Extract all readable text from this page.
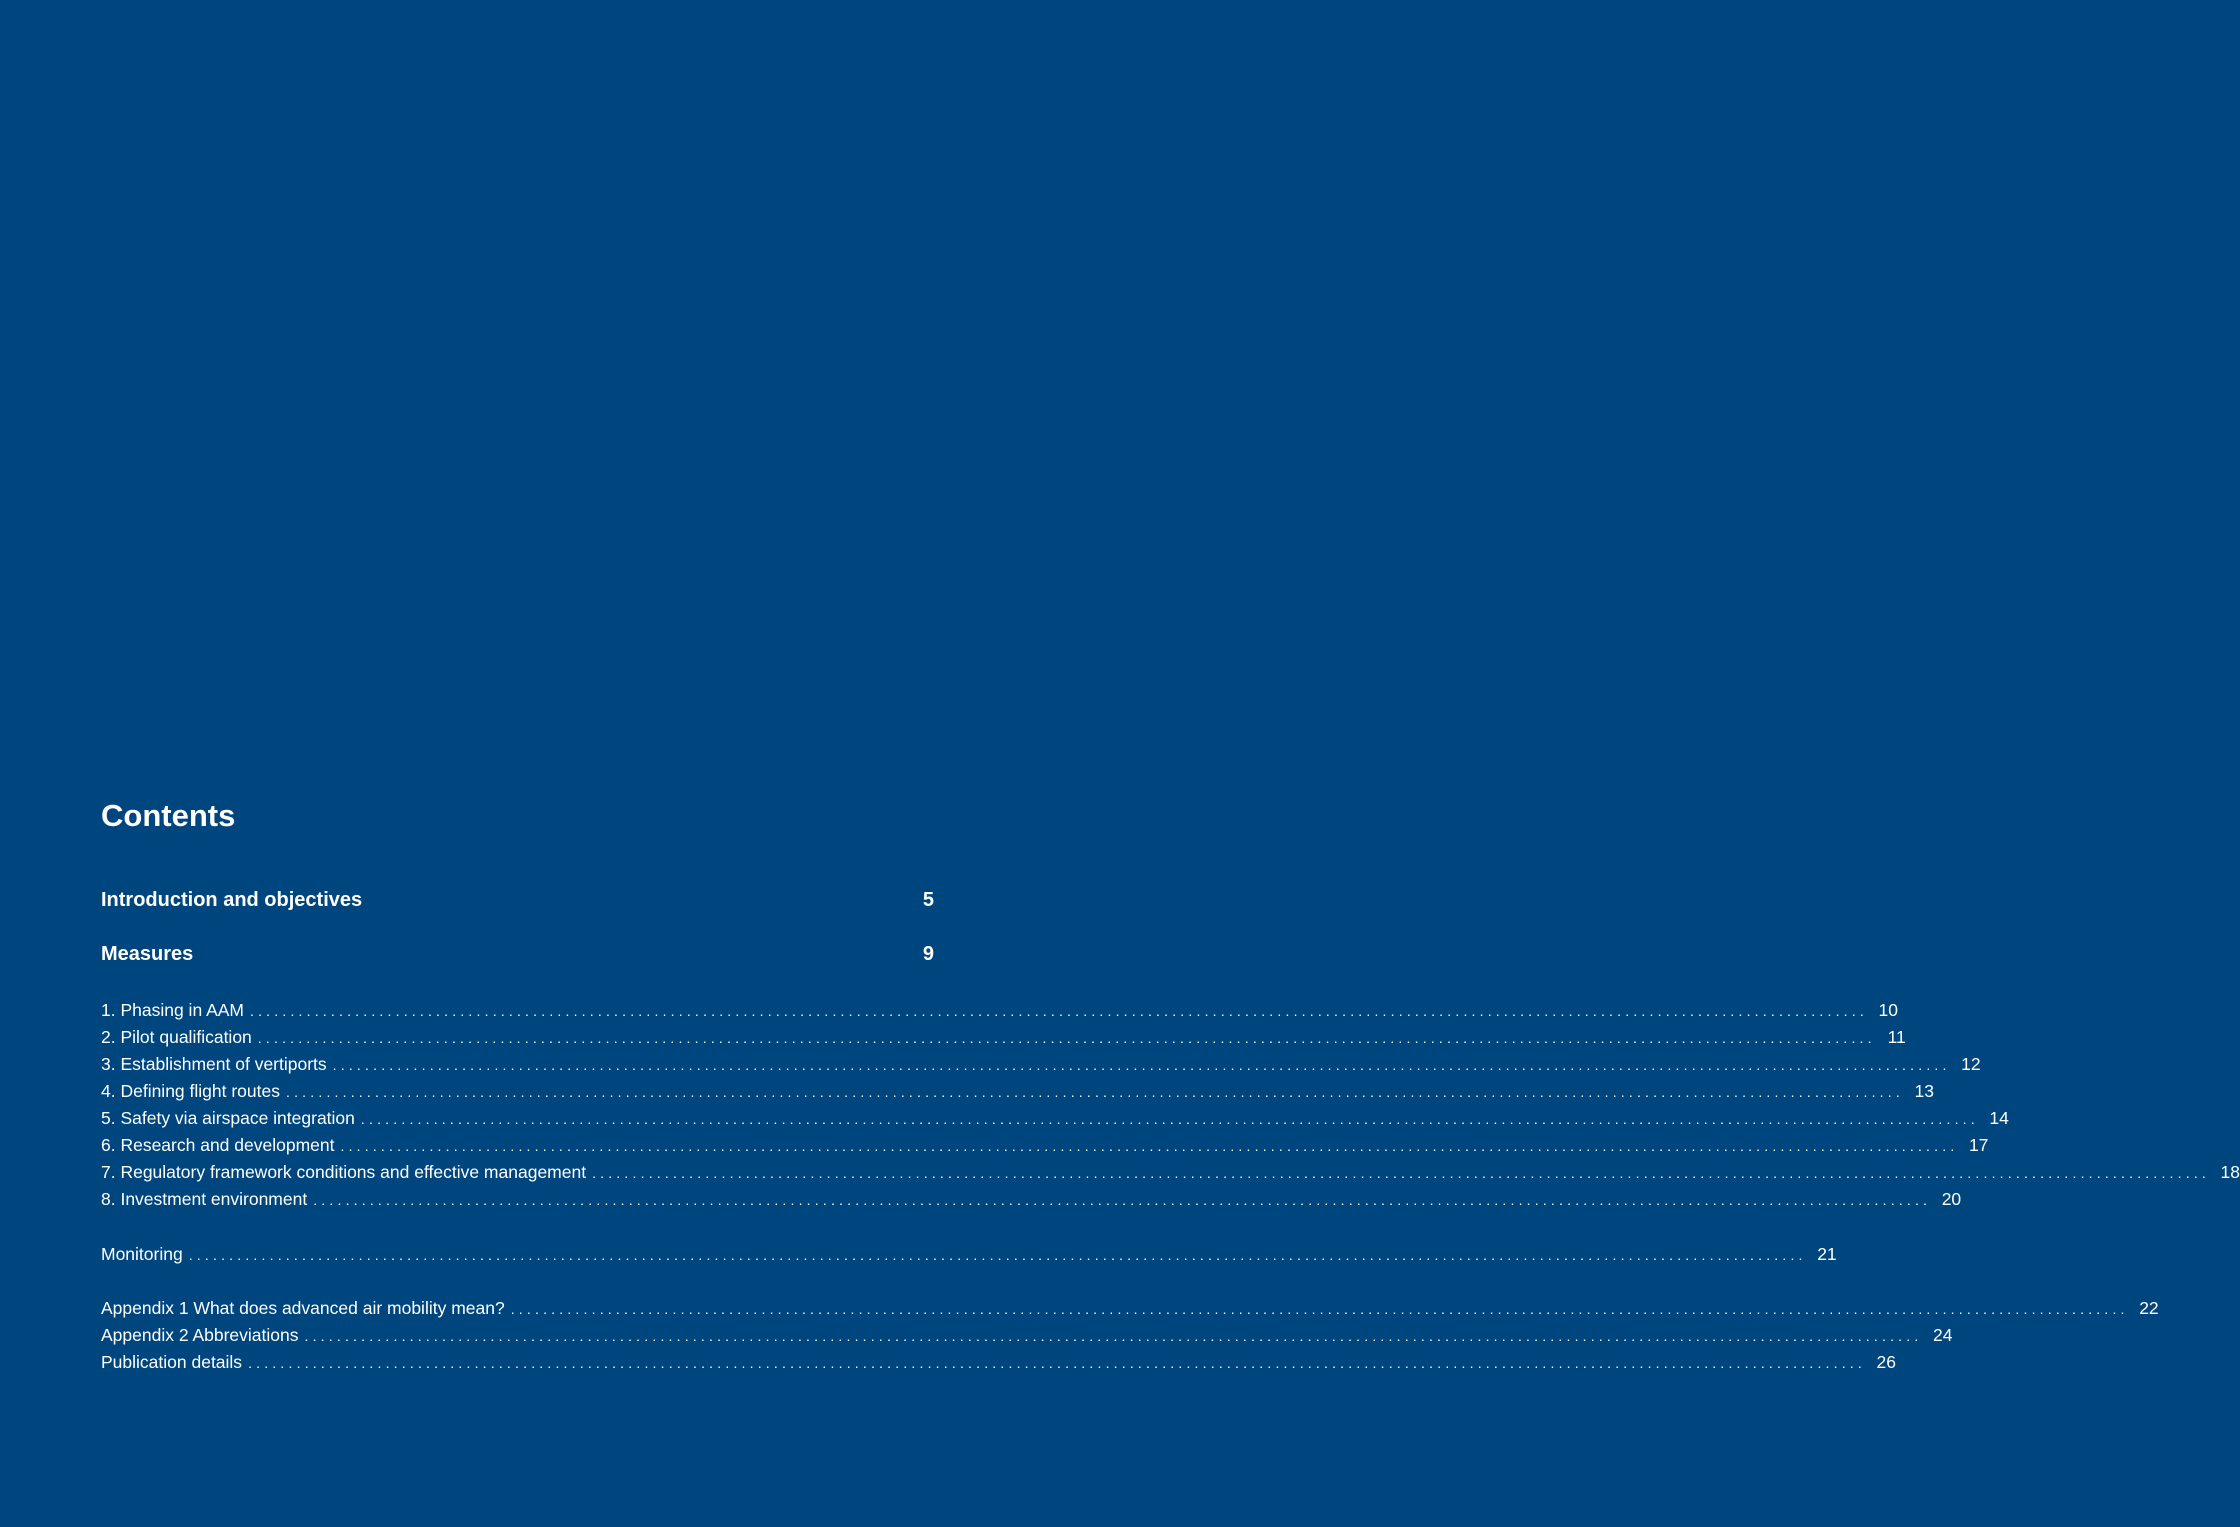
Contents
Introduction and objectives	5
Measures	9
1. Phasing in AAM ........................................................................................................................................................................................................ 10
2. Pilot qualification ........................................................................................................................................................................................................ 11
3. Establishment of vertiports ........................................................................................................................................................................................................ 12
4. Defining flight routes ........................................................................................................................................................................................................ 13
5. Safety via airspace integration ........................................................................................................................................................................................................ 14
6. Research and development ........................................................................................................................................................................................................ 17
7. Regulatory framework conditions and effective management ........................................................................................................................................................................................................ 18
8. Investment environment ........................................................................................................................................................................................................ 20
Monitoring ........................................................................................................................................................................................................ 21
Appendix 1 What does advanced air mobility mean? ........................................................................................................................................................................................................ 22
Appendix 2 Abbreviations ........................................................................................................................................................................................................ 24
Publication details ........................................................................................................................................................................................................ 26
